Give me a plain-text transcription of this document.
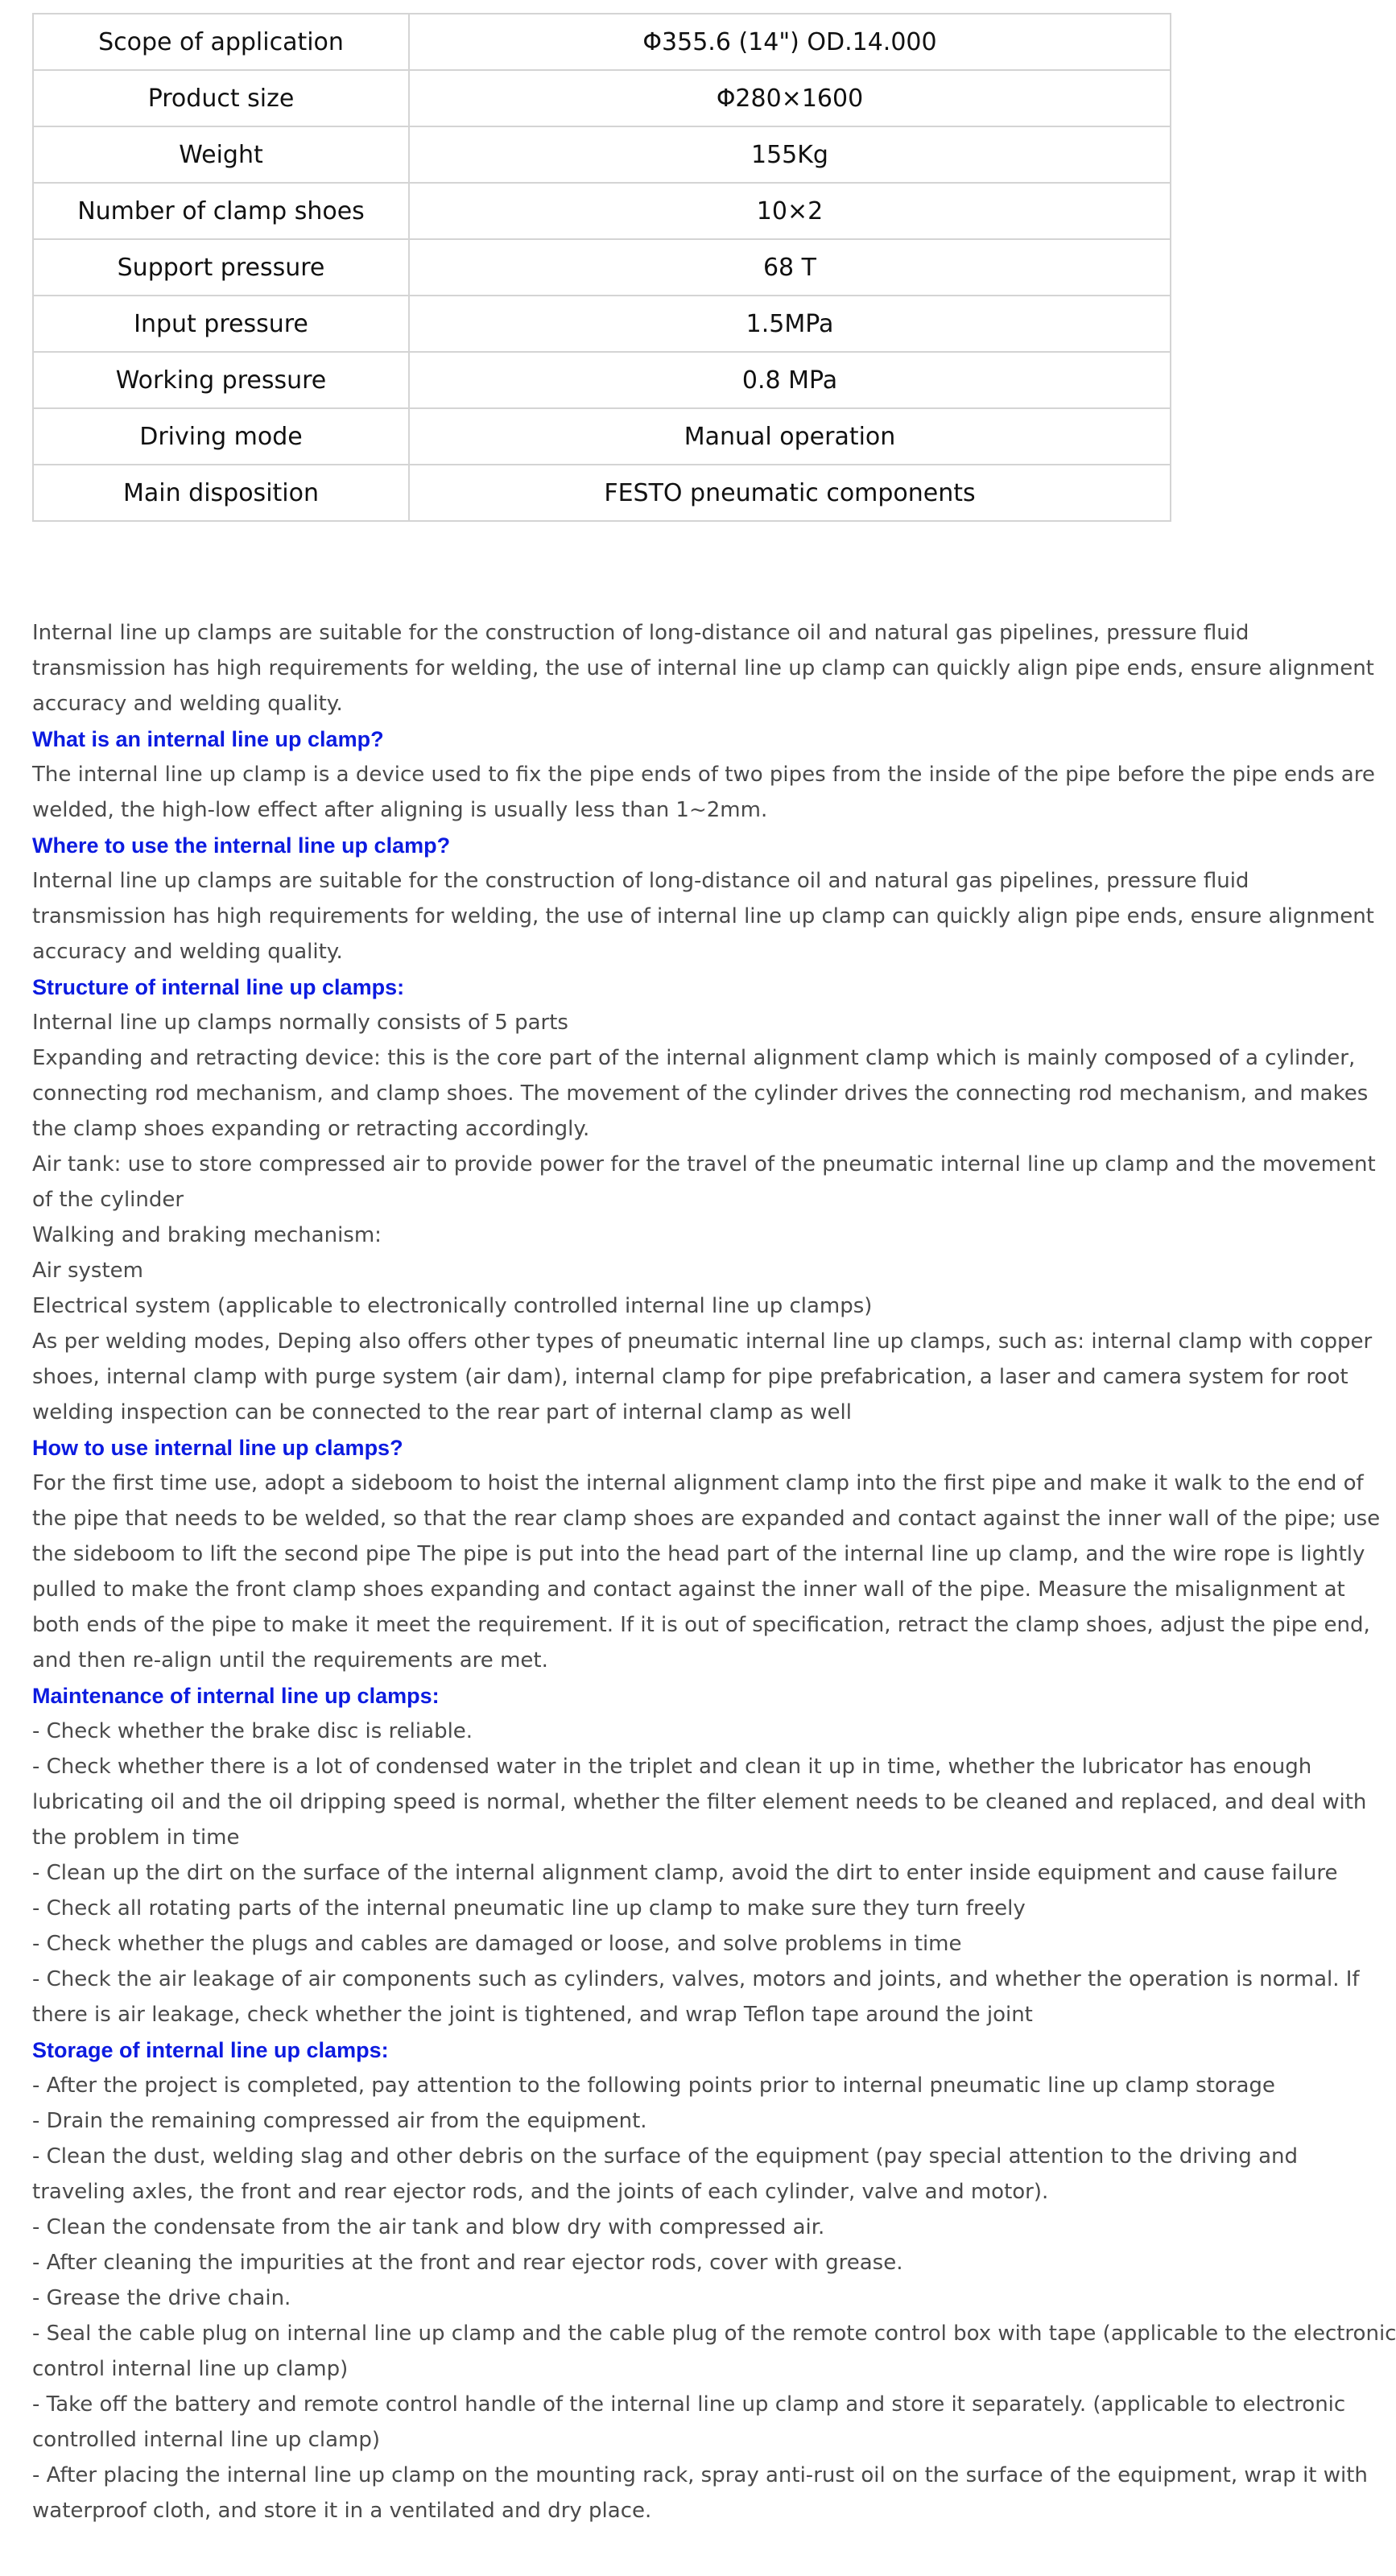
Scope of application	Φ355.6 (14") OD.14.000
Product size	Φ280×1600
Weight	155Kg
Number of clamp shoes	10×2
Support pressure	68 T
Input pressure	1.5MPa
Working pressure	0.8 MPa
Driving mode	Manual operation
Main disposition	FESTO pneumatic components

Internal line up clamps are suitable for the construction of long-distance oil and natural gas pipelines, pressure fluid

transmission has high requirements for welding, the use of internal line up clamp can quickly align pipe ends, ensure alignment

accuracy and welding quality.

What is an internal line up clamp?

The internal line up clamp is a device used to fix the pipe ends of two pipes from the inside of the pipe before the pipe ends are

welded, the high-low effect after aligning is usually less than 1~2mm.

Where to use the internal line up clamp?

Internal line up clamps are suitable for the construction of long-distance oil and natural gas pipelines, pressure fluid

transmission has high requirements for welding, the use of internal line up clamp can quickly align pipe ends, ensure alignment

accuracy and welding quality.

Structure of internal line up clamps:

Internal line up clamps normally consists of 5 parts

Expanding and retracting device: this is the core part of the internal alignment clamp which is mainly composed of a cylinder,

connecting rod mechanism, and clamp shoes. The movement of the cylinder drives the connecting rod mechanism, and makes

the clamp shoes expanding or retracting accordingly.

Air tank: use to store compressed air to provide power for the travel of the pneumatic internal line up clamp and the movement

of the cylinder

Walking and braking mechanism:

Air system

Electrical system (applicable to electronically controlled internal line up clamps)

As per welding modes, Deping also offers other types of pneumatic internal line up clamps, such as: internal clamp with copper

shoes, internal clamp with purge system (air dam), internal clamp for pipe prefabrication, a laser and camera system for root

welding inspection can be connected to the rear part of internal clamp as well

How to use internal line up clamps?

For the first time use, adopt a sideboom to hoist the internal alignment clamp into the first pipe and make it walk to the end of

the pipe that needs to be welded, so that the rear clamp shoes are expanded and contact against the inner wall of the pipe; use

the sideboom to lift the second pipe The pipe is put into the head part of the internal line up clamp, and the wire rope is lightly

pulled to make the front clamp shoes expanding and contact against the inner wall of the pipe. Measure the misalignment at

both ends of the pipe to make it meet the requirement. If it is out of specification, retract the clamp shoes, adjust the pipe end,

and then re-align until the requirements are met.

Maintenance of internal line up clamps:

- Check whether the brake disc is reliable.

- Check whether there is a lot of condensed water in the triplet and clean it up in time, whether the lubricator has enough

lubricating oil and the oil dripping speed is normal, whether the filter element needs to be cleaned and replaced, and deal with

the problem in time

- Clean up the dirt on the surface of the internal alignment clamp, avoid the dirt to enter inside equipment and cause failure

- Check all rotating parts of the internal pneumatic line up clamp to make sure they turn freely

- Check whether the plugs and cables are damaged or loose, and solve problems in time

- Check the air leakage of air components such as cylinders, valves, motors and joints, and whether the operation is normal. If

there is air leakage, check whether the joint is tightened, and wrap Teflon tape around the joint

Storage of internal line up clamps:

- After the project is completed, pay attention to the following points prior to internal pneumatic line up clamp storage

- Drain the remaining compressed air from the equipment.

- Clean the dust, welding slag and other debris on the surface of the equipment (pay special attention to the driving and

traveling axles, the front and rear ejector rods, and the joints of each cylinder, valve and motor).

- Clean the condensate from the air tank and blow dry with compressed air.

- After cleaning the impurities at the front and rear ejector rods, cover with grease.

- Grease the drive chain.

- Seal the cable plug on internal line up clamp and the cable plug of the remote control box with tape (applicable to the electronic

control internal line up clamp)

- Take off the battery and remote control handle of the internal line up clamp and store it separately. (applicable to electronic

controlled internal line up clamp)

- After placing the internal line up clamp on the mounting rack, spray anti-rust oil on the surface of the equipment, wrap it with

waterproof cloth, and store it in a ventilated and dry place.
